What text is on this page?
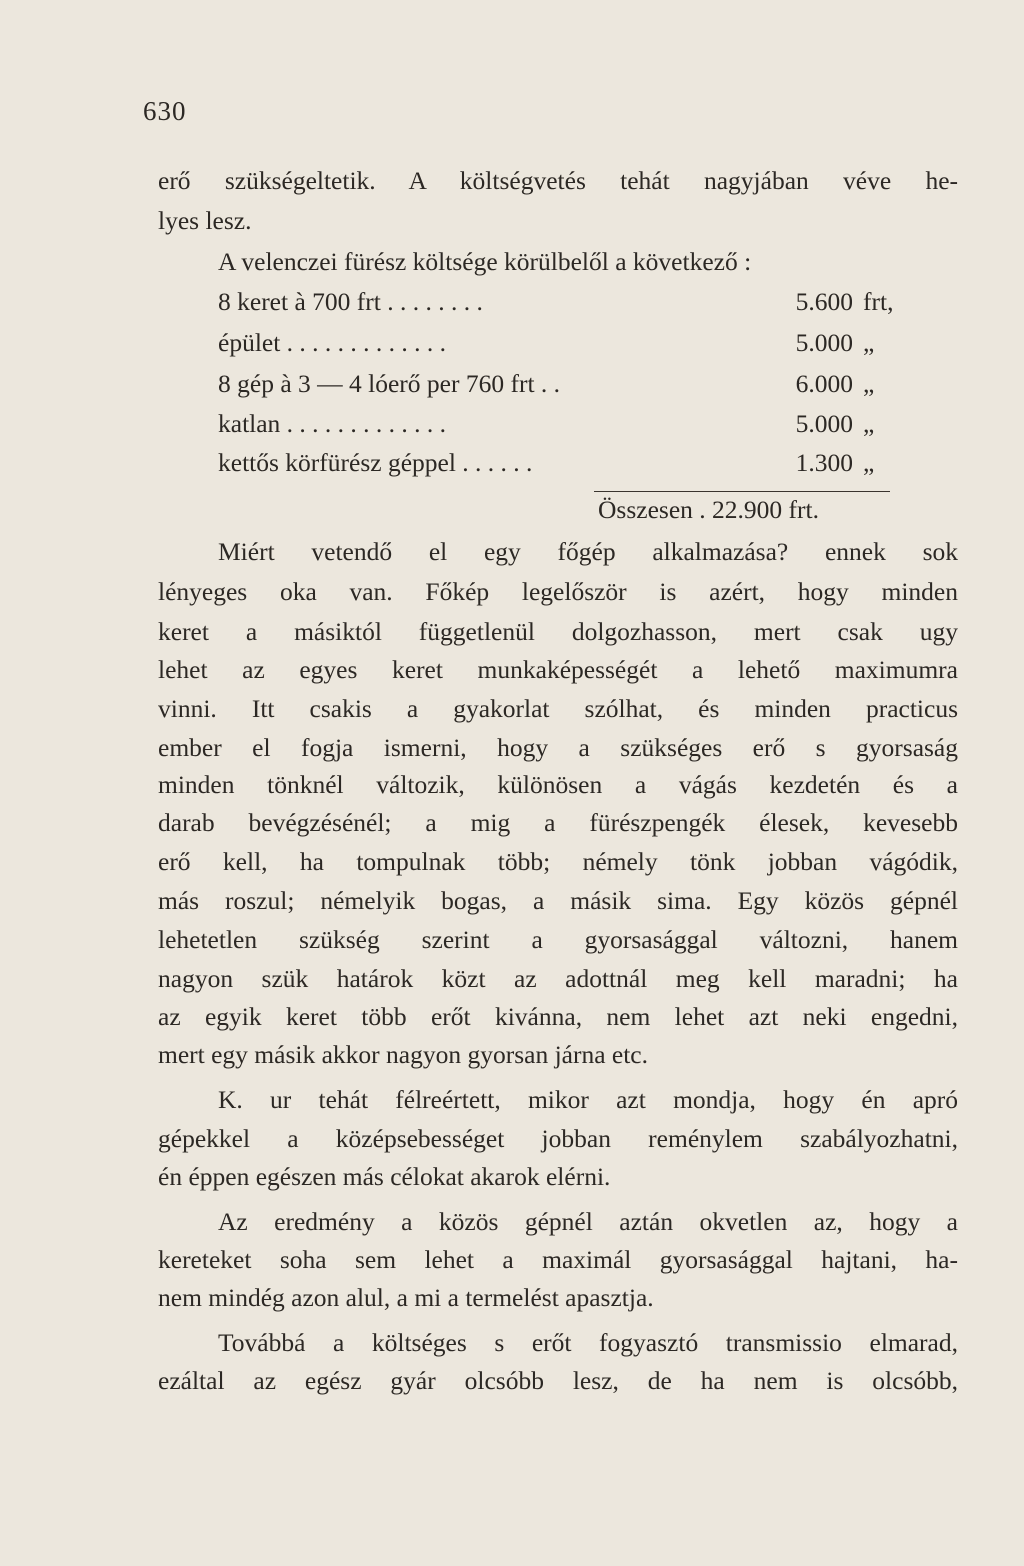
630
erő szükségeltetik. A költségvetés tehát nagyjában véve he-
lyes lesz.
A velenczei fürész költsége körülbelől a következő :
8 keret à 700 frt . . . . . . . .	5.600 frt,
épület . . . . . . . . . . . . .	5.000 „
8 gép à 3 — 4 lóerő per 760 frt . .	6.000 „
katlan . . . . . . . . . . . . .	5.000 „
kettős körfürész géppel . . . . . .	1.300 „
Összesen . 22.900 frt.
Miért vetendő el egy főgép alkalmazása? ennek sok
lényeges oka van. Főkép legelőször is azért, hogy minden
keret a másiktól függetlenül dolgozhasson, mert csak ugy
lehet az egyes keret munkaképességét a lehető maximumra
vinni. Itt csakis a gyakorlat szólhat, és minden practicus
ember el fogja ismerni, hogy a szükséges erő s gyorsaság
minden tönknél változik, különösen a vágás kezdetén és a
darab bevégzésénél; a mig a fürészpengék élesek, kevesebb
erő kell, ha tompulnak több; némely tönk jobban vágódik,
más roszul; némelyik bogas, a másik sima. Egy közös gépnél
lehetetlen szükség szerint a gyorsasággal változni, hanem
nagyon szük határok közt az adottnál meg kell maradni; ha
az egyik keret több erőt kivánna, nem lehet azt neki engedni,
mert egy másik akkor nagyon gyorsan járna etc.
K. ur tehát félreértett, mikor azt mondja, hogy én apró
gépekkel a középsebességet jobban reménylem szabályozhatni,
én éppen egészen más célokat akarok elérni.
Az eredmény a közös gépnél aztán okvetlen az, hogy a
kereteket soha sem lehet a maximál gyorsasággal hajtani, ha-
nem mindég azon alul, a mi a termelést apasztja.
Továbbá a költséges s erőt fogyasztó transmissio elmarad,
ezáltal az egész gyár olcsóbb lesz, de ha nem is olcsóbb,
